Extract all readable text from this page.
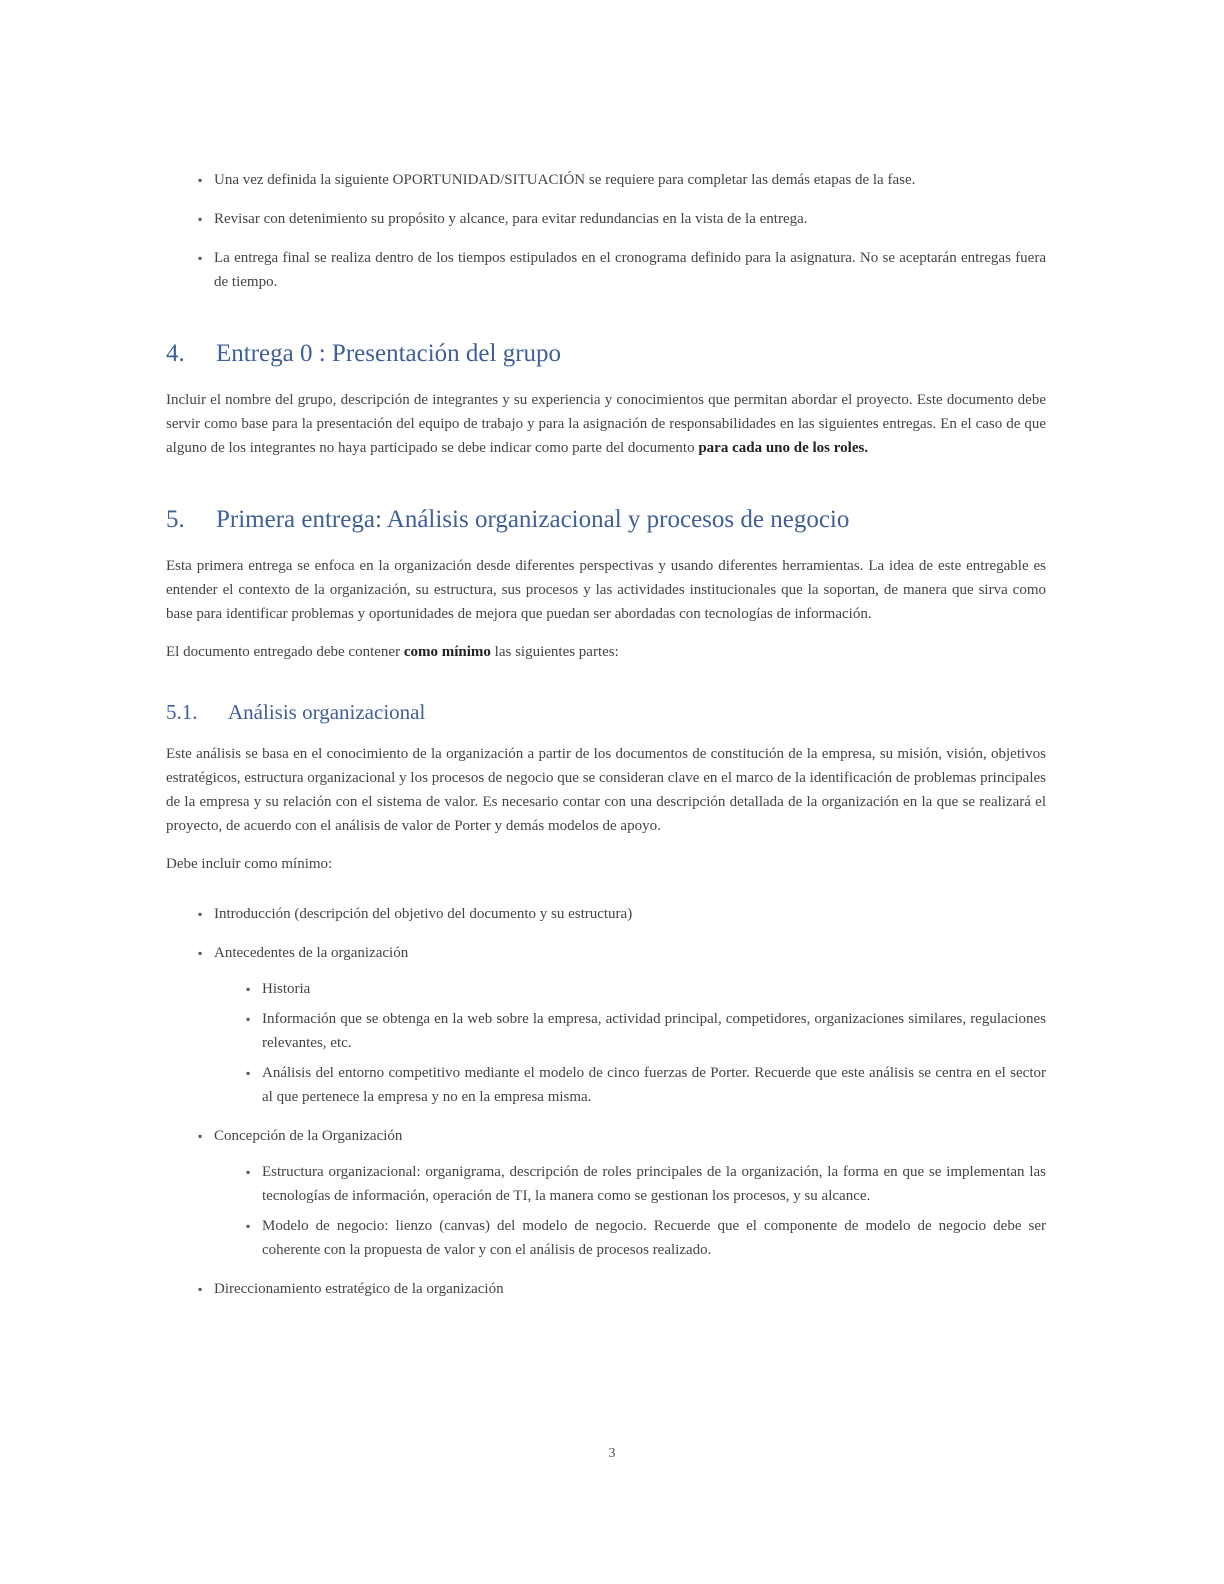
▪ Una vez definida la siguiente OPORTUNIDAD/SITUACIÓN se requiere para completar las demás etapas de la fase.
▪ Revisar con detenimiento su propósito y alcance, para evitar redundancias en la vista de la entrega.
▪ La entrega final se realiza dentro de los tiempos estipulados en el cronograma definido para la asignatura. No se aceptarán entregas fuera de tiempo.
4. Entrega 0 : Presentación del grupo

Incluir el nombre del grupo, descripción de integrantes y su experiencia y conocimientos que permitan abordar el proyecto. Este documento debe servir como base para la presentación del equipo de trabajo y para la asignación de responsabilidades en las siguientes entregas. En el caso de que alguno de los integrantes no haya participado se debe indicar como parte del documento para cada uno de los roles.

5. Primera entrega: Análisis organizacional y procesos de negocio

Esta primera entrega se enfoca en la organización desde diferentes perspectivas y usando diferentes herramientas. La idea de este entregable es entender el contexto de la organización, su estructura, sus procesos y las actividades institucionales que la soportan, de manera que sirva como base para identificar problemas y oportunidades de mejora que puedan ser abordadas con tecnologías de información.

El documento entregado debe contener como mínimo las siguientes partes:

5.1. Análisis organizacional

Este análisis se basa en el conocimiento de la organización a partir de los documentos de constitución de la empresa, su misión, visión, objetivos estratégicos, estructura organizacional y los procesos de negocio que se consideran clave en el marco de la identificación de problemas principales de la empresa y su relación con el sistema de valor. Es necesario contar con una descripción detallada de la organización en la que se realizará el proyecto, de acuerdo con el análisis de valor de Porter y demás modelos de apoyo.

Debe incluir como mínimo:

▪ Introducción (descripción del objetivo del documento y su estructura)
▪ Antecedentes de la organización
▪ Historia
▪ Información que se obtenga en la web sobre la empresa, actividad principal, competidores, organizaciones similares, regulaciones relevantes, etc.
▪ Análisis del entorno competitivo mediante el modelo de cinco fuerzas de Porter. Recuerde que este análisis se centra en el sector al que pertenece la empresa y no en la empresa misma.
▪ Concepción de la Organización
▪ Estructura organizacional: organigrama, descripción de roles principales de la organización, la forma en que se implementan las tecnologías de información, operación de TI, la manera como se gestionan los procesos, y su alcance.
▪ Modelo de negocio: lienzo (canvas) del modelo de negocio. Recuerde que el componente de modelo de negocio debe ser coherente con la propuesta de valor y con el análisis de procesos realizado.
▪ Direccionamiento estratégico de la organización
3
